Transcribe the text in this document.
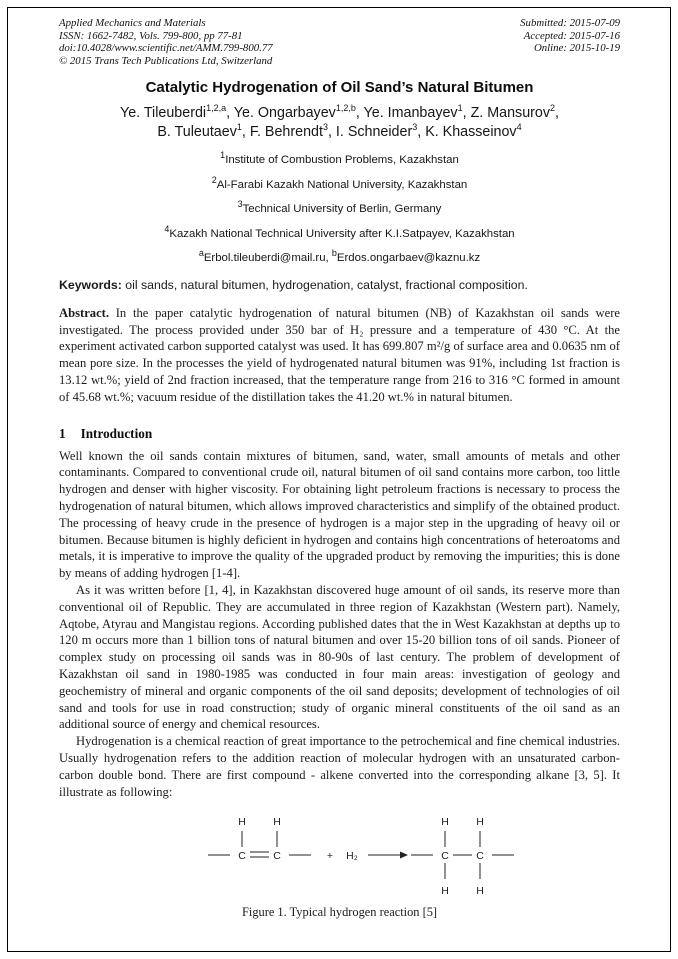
Applied Mechanics and Materials
ISSN: 1662-7482, Vols. 799-800, pp 77-81
doi:10.4028/www.scientific.net/AMM.799-800.77
© 2015 Trans Tech Publications Ltd, Switzerland
Submitted: 2015-07-09
Accepted: 2015-07-16
Online: 2015-10-19
Catalytic Hydrogenation of Oil Sand’s Natural Bitumen
Ye. Tileuberdi$^{1,2,a}$, Ye. Ongarbayev$^{1,2,b}$, Ye. Imanbayev$^1$, Z. Mansurov$^2$,
B. Tuleutaev$^1$, F. Behrendt$^3$, I. Schneider$^3$, K. Khasseinov$^4$
$^1$Institute of Combustion Problems, Kazakhstan
$^2$Al-Farabi Kazakh National University, Kazakhstan
$^3$Technical University of Berlin, Germany
$^4$Kazakh National Technical University after K.I.Satpayev, Kazakhstan
$^a$Erbol.tileuberdi@mail.ru, $^b$Erdos.ongarbaev@kaznu.kz

Keywords: oil sands, natural bitumen, hydrogenation, catalyst, fractional composition.

Abstract. In the paper catalytic hydrogenation of natural bitumen (NB) of Kazakhstan oil sands were investigated. The process provided under 350 bar of H₂ pressure and a temperature of 430 °C. At the experiment activated carbon supported catalyst was used. It has 699.807 m²/g of surface area and 0.0635 nm of mean pore size. In the processes the yield of hydrogenated natural bitumen was 91%, including 1st fraction is 13.12 wt.%; yield of 2nd fraction increased, that the temperature range from 216 to 316 °C formed in amount of 45.68 wt.%; vacuum residue of the distillation takes the 41.20 wt.% in natural bitumen.

1 Introduction

Well known the oil sands contain mixtures of bitumen, sand, water, small amounts of metals and other contaminants. Compared to conventional crude oil, natural bitumen of oil sand contains more carbon, too little hydrogen and denser with higher viscosity. For obtaining light petroleum fractions is necessary to process the hydrogenation of natural bitumen, which allows improved characteristics and simplify of the obtained product. The processing of heavy crude in the presence of hydrogen is a major step in the upgrading of heavy oil or bitumen. Because bitumen is highly deficient in hydrogen and contains high concentrations of heteroatoms and metals, it is imperative to improve the quality of the upgraded product by removing the impurities; this is done by means of adding hydrogen [1-4].

As it was written before [1, 4], in Kazakhstan discovered huge amount of oil sands, its reserve more than conventional oil of Republic. They are accumulated in three region of Kazakhstan (Western part). Namely, Aqtobe, Atyrau and Mangistau regions. According published dates that the in West Kazakhstan at depths up to 120 m occurs more than 1 billion tons of natural bitumen and over 15-20 billion tons of oil sands. Pioneer of complex study on processing oil sands was in 80-90s of last century. The problem of development of Kazakhstan oil sand in 1980-1985 was conducted in four main areas: investigation of geology and geochemistry of mineral and organic components of the oil sand deposits; development of technologies of oil sand and tools for use in road construction; study of organic mineral constituents of the oil sand as an additional source of energy and chemical resources.

Hydrogenation is a chemical reaction of great importance to the petrochemical and fine chemical industries. Usually hydrogenation refers to the addition reaction of molecular hydrogen with an unsaturated carbon-carbon double bond. There are first compound - alkene converted into the corresponding alkane [3, 5]. It illustrate as following:

H	H
C	C	+ H₂
H	H
C	C
H	H

Figure 1. Typical hydrogen reaction [5]
